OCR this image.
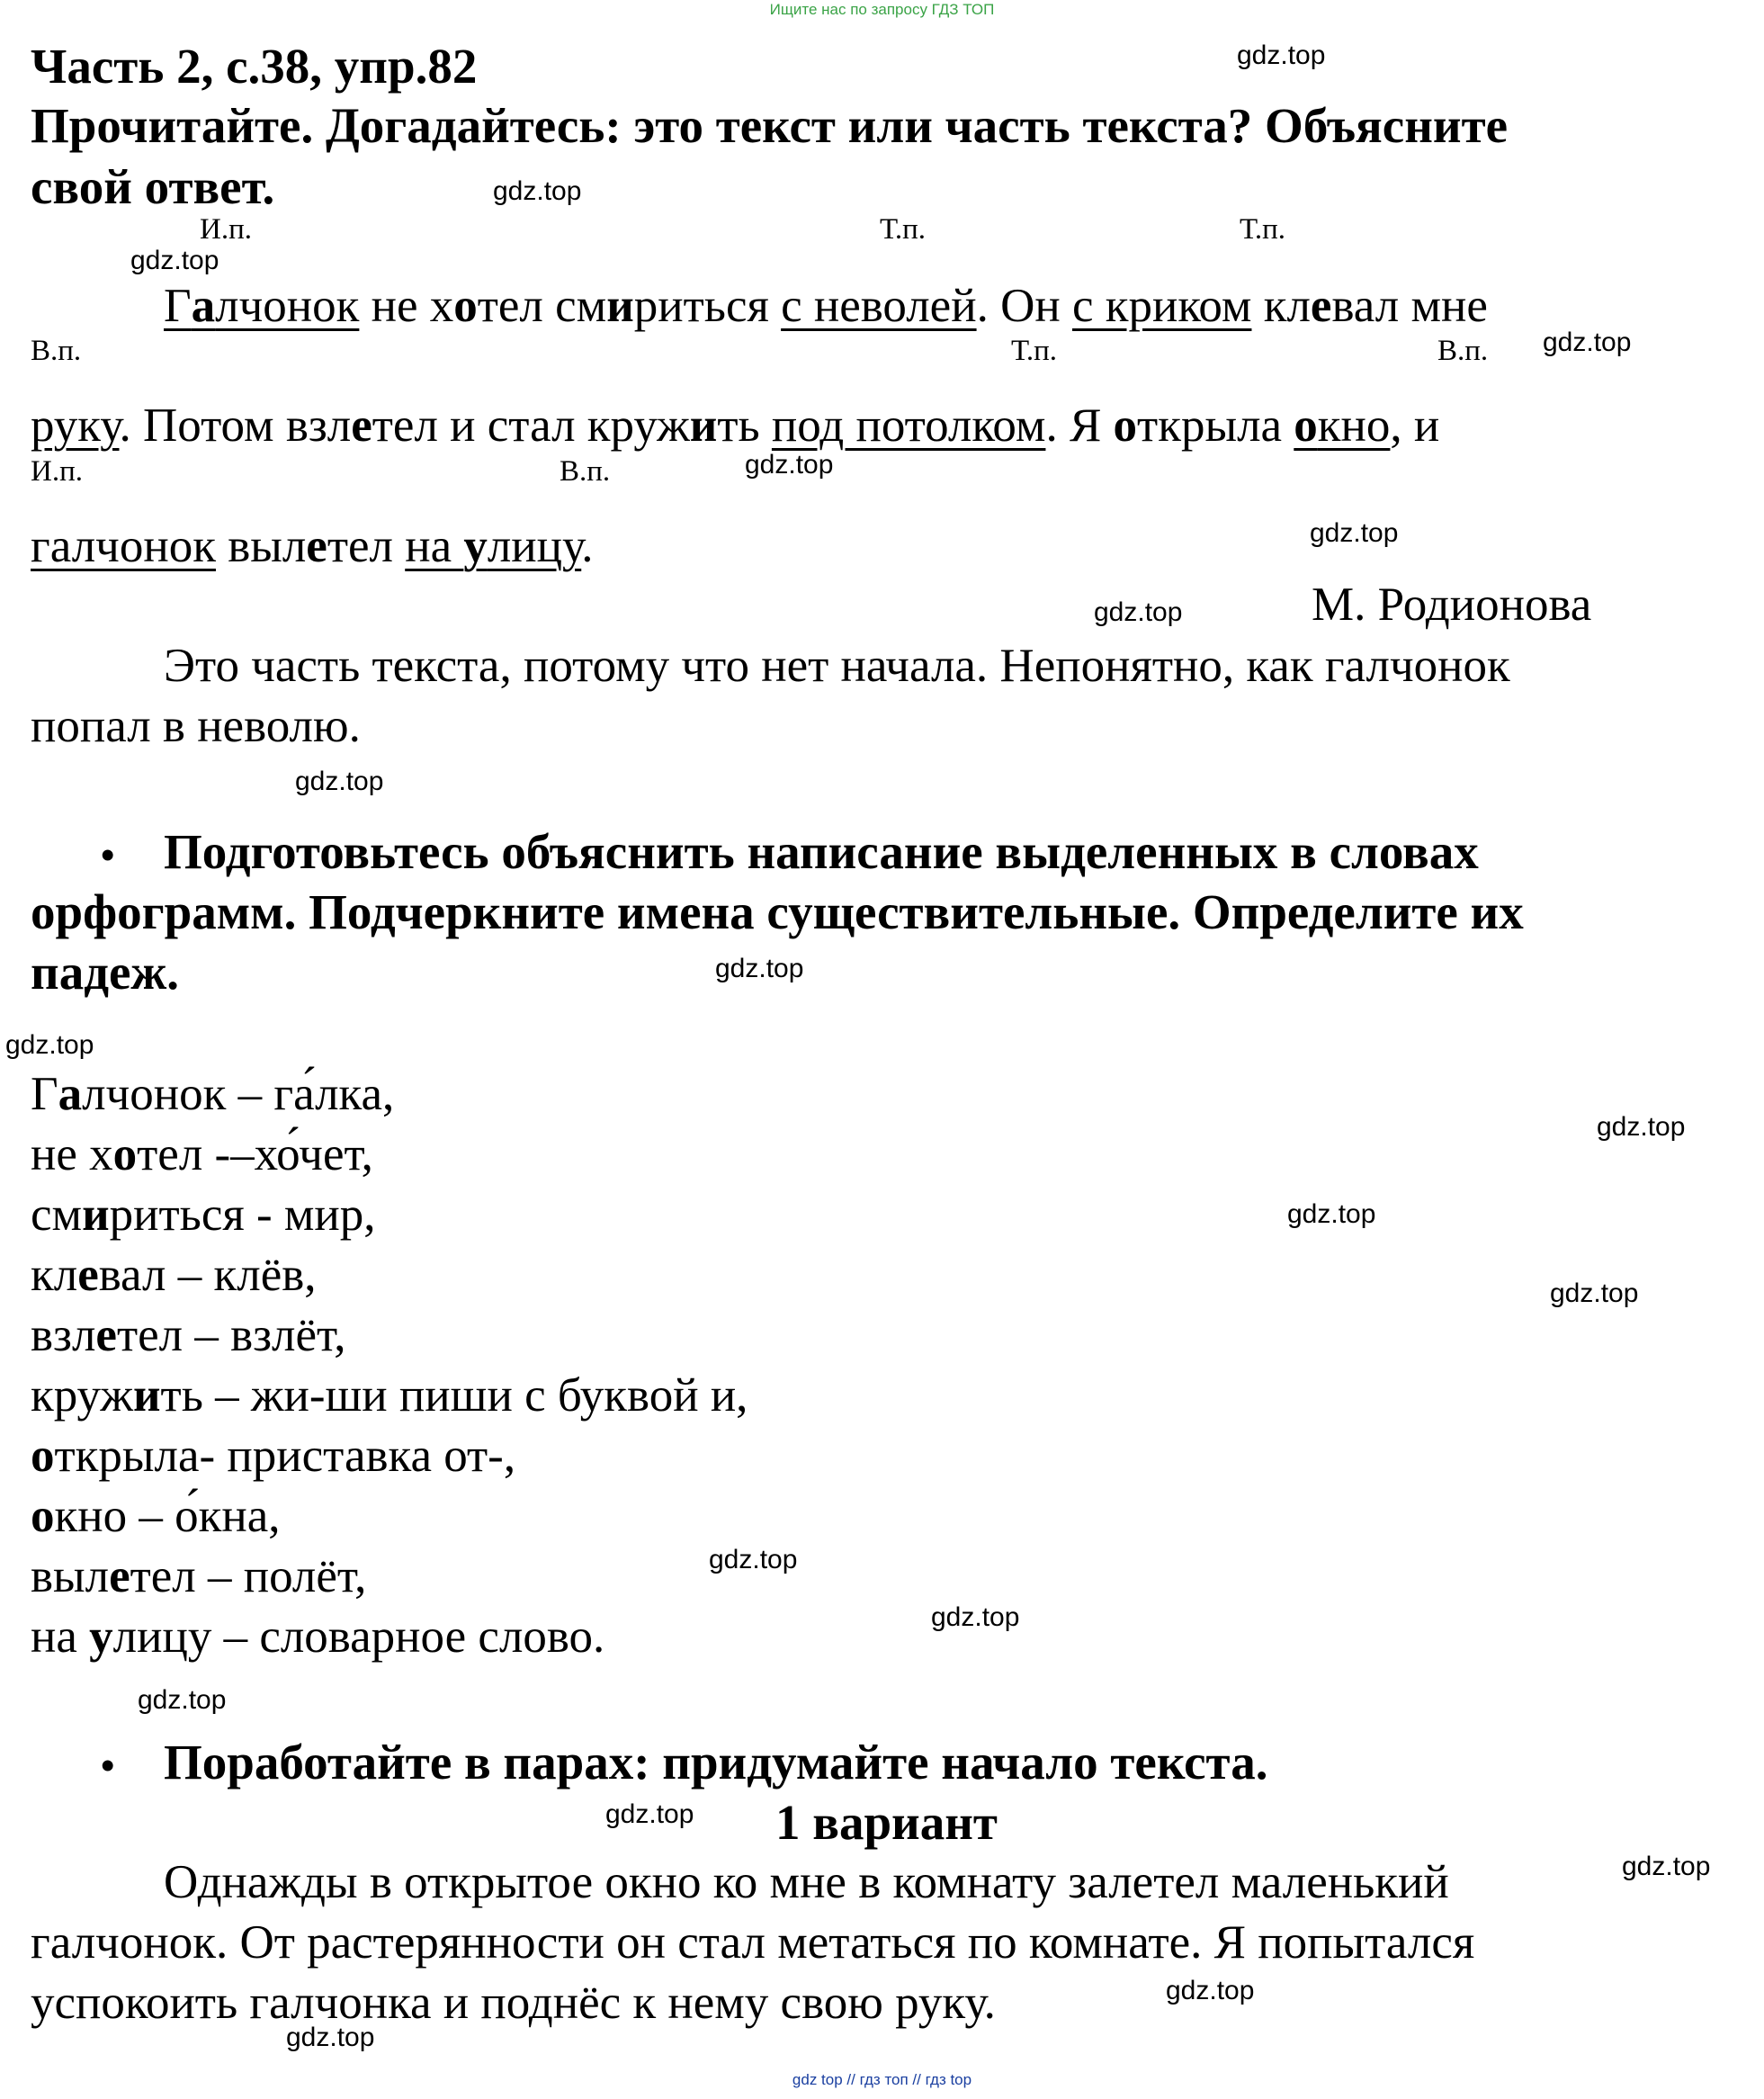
Ищите нас по запросу ГДЗ ТОП
gdz top // гдз топ // гдз top
Часть 2, с.38, упр.82
Прочитайте. Догадайтесь: это текст или часть текста? Объясните
свой ответ.
И.п.	Т.п.	Т.п.
В.п.	Т.п.	В.п.
И.п.	В.п.
Галчонок не хотел смириться с неволей. Он с криком клевал мне
руку. Потом взлетел и стал кружить под потолком. Я открыла окно, и
галчонок вылетел на улицу.
М. Родионова
Это часть текста, потому что нет начала. Непонятно, как галчонок
попал в неволю.
• Подготовьтесь объяснить написание выделенных в словах
орфограмм. Подчеркните имена существительные. Определите их
падеж.
Галчонок – га́лка,
не хотел -–хо́чет,
смириться - мир,
клевал – клёв,
взлетел – взлёт,
кружить – жи-ши пиши с буквой и,
открыла- приставка от-,
окно – о́кна,
вылетел – полёт,
на улицу – словарное слово.
• Поработайте в парах: придумайте начало текста.
1 вариант
Однажды в открытое окно ко мне в комнату залетел маленький
галчонок. От растерянности он стал метаться по комнате. Я попытался
успокоить галчонка и поднёс к нему свою руку.
gdz.top
gdz.top
gdz.top
gdz.top
gdz.top
gdz.top
gdz.top
gdz.top
gdz.top
gdz.top
gdz.top
gdz.top
gdz.top
gdz.top
gdz.top
gdz.top
gdz.top
gdz.top
gdz.top
gdz.top
